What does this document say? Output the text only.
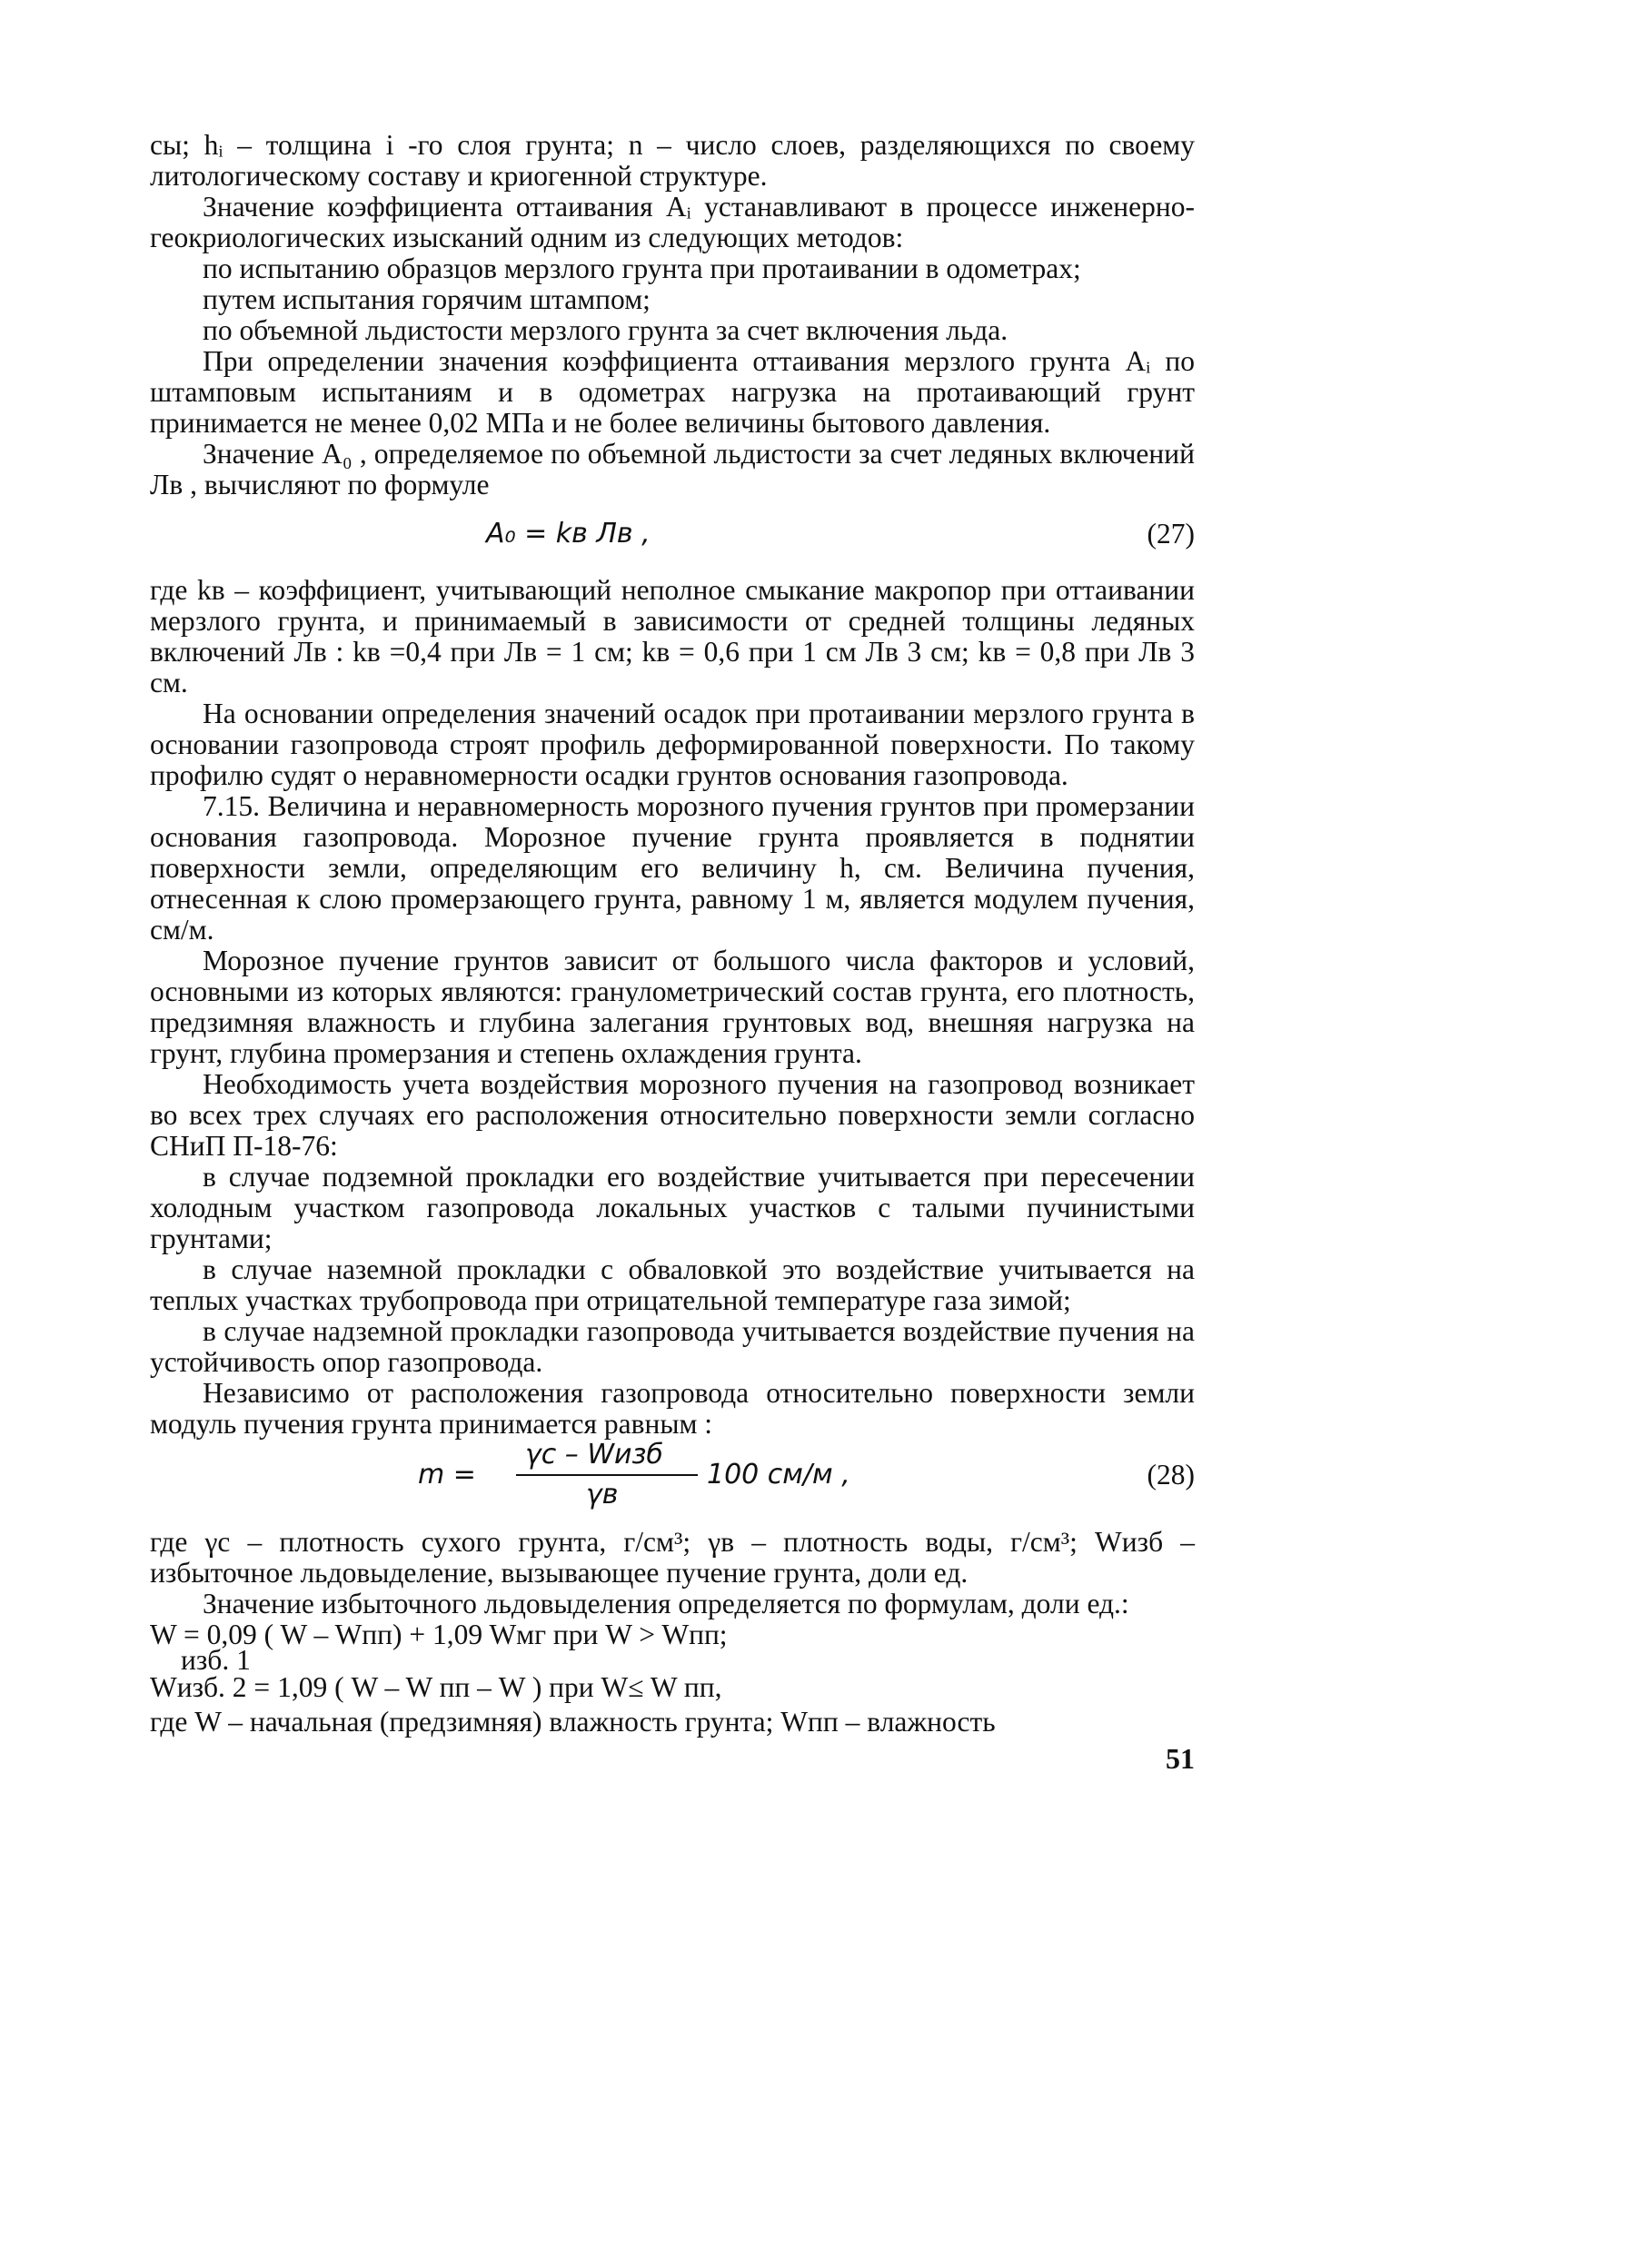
сы; hᵢ – толщина i -го слоя грунта; n – число слоев, разделяющихся по своему литологическому составу и криогенной структуре.

Значение коэффициента оттаивания Aᵢ устанавливают в процессе инженерно-геокриологических изысканий одним из следующих методов:

по испытанию образцов мерзлого грунта при протаивании в одометрах;

путем испытания горячим штампом;

по объемной льдистости мерзлого грунта за счет включения льда.

При определении значения коэффициента оттаивания мерзлого грунта Aᵢ по штамповым испытаниям и в одометрах нагрузка на протаивающий грунт принимается не менее 0,02 МПа и не более величины бытового давления.

Значение A₀ , определяемое по объемной льдистости за счет ледяных включений Лв , вычисляют по формуле

A₀ = kв Лв ,	(27)

где kв – коэффициент, учитывающий неполное смыкание макропор при оттаивании мерзлого грунта, и принимаемый в зависимости от средней толщины ледяных включений Лв : kв =0,4 при Лв = 1 см; kв = 0,6 при 1 см Лв 3 см; kв = 0,8 при Лв 3 см.

На основании определения значений осадок при протаивании мерзлого грунта в основании газопровода строят профиль деформированной поверхности. По такому профилю судят о неравномерности осадки грунтов основания газопровода.

7.15. Величина и неравномерность морозного пучения грунтов при промерзании основания газопровода. Морозное пучение грунта проявляется в поднятии поверхности земли, определяющим его величину h, см. Величина пучения, отнесенная к слою промерзающего грунта, равному 1 м, является модулем пучения, см/м.

Морозное пучение грунтов зависит от большого числа факторов и условий, основными из которых являются: гранулометрический состав грунта, его плотность, предзимняя влажность и глубина залегания грунтовых вод, внешняя нагрузка на грунт, глубина промерзания и степень охлаждения грунта.

Необходимость учета воздействия морозного пучения на газопровод возникает во всех трех случаях его расположения относительно поверхности земли согласно СНиП П-18-76:

в случае подземной прокладки его воздействие учитывается при пересечении холодным участком газопровода локальных участков с талыми пучинистыми грунтами;

в случае наземной прокладки с обваловкой это воздействие учитывается на теплых участках трубопровода при отрицательной температуре газа зимой;

в случае надземной прокладки газопровода учитывается воздействие пучения на устойчивость опор газопровода.

Независимо от расположения газопровода относительно поверхности земли модуль пучения грунта принимается равным :

m =
γc – Wизб
γв
100 см/м ,	(28)

где γc – плотность сухого грунта, г/см³; γв – плотность воды, г/см³; Wизб – избыточное льдовыделение, вызывающее пучение грунта, доли ед.

Значение избыточного льдовыделения определяется по формулам, доли ед.:

W = 0,09 ( W – Wпп) + 1,09 Wмг при W > Wпп;
изб. 1
Wизб. 2 = 1,09 ( W – W пп – W ) при W≤ W пп,

где W – начальная (предзимняя) влажность грунта; Wпп – влажность

51
